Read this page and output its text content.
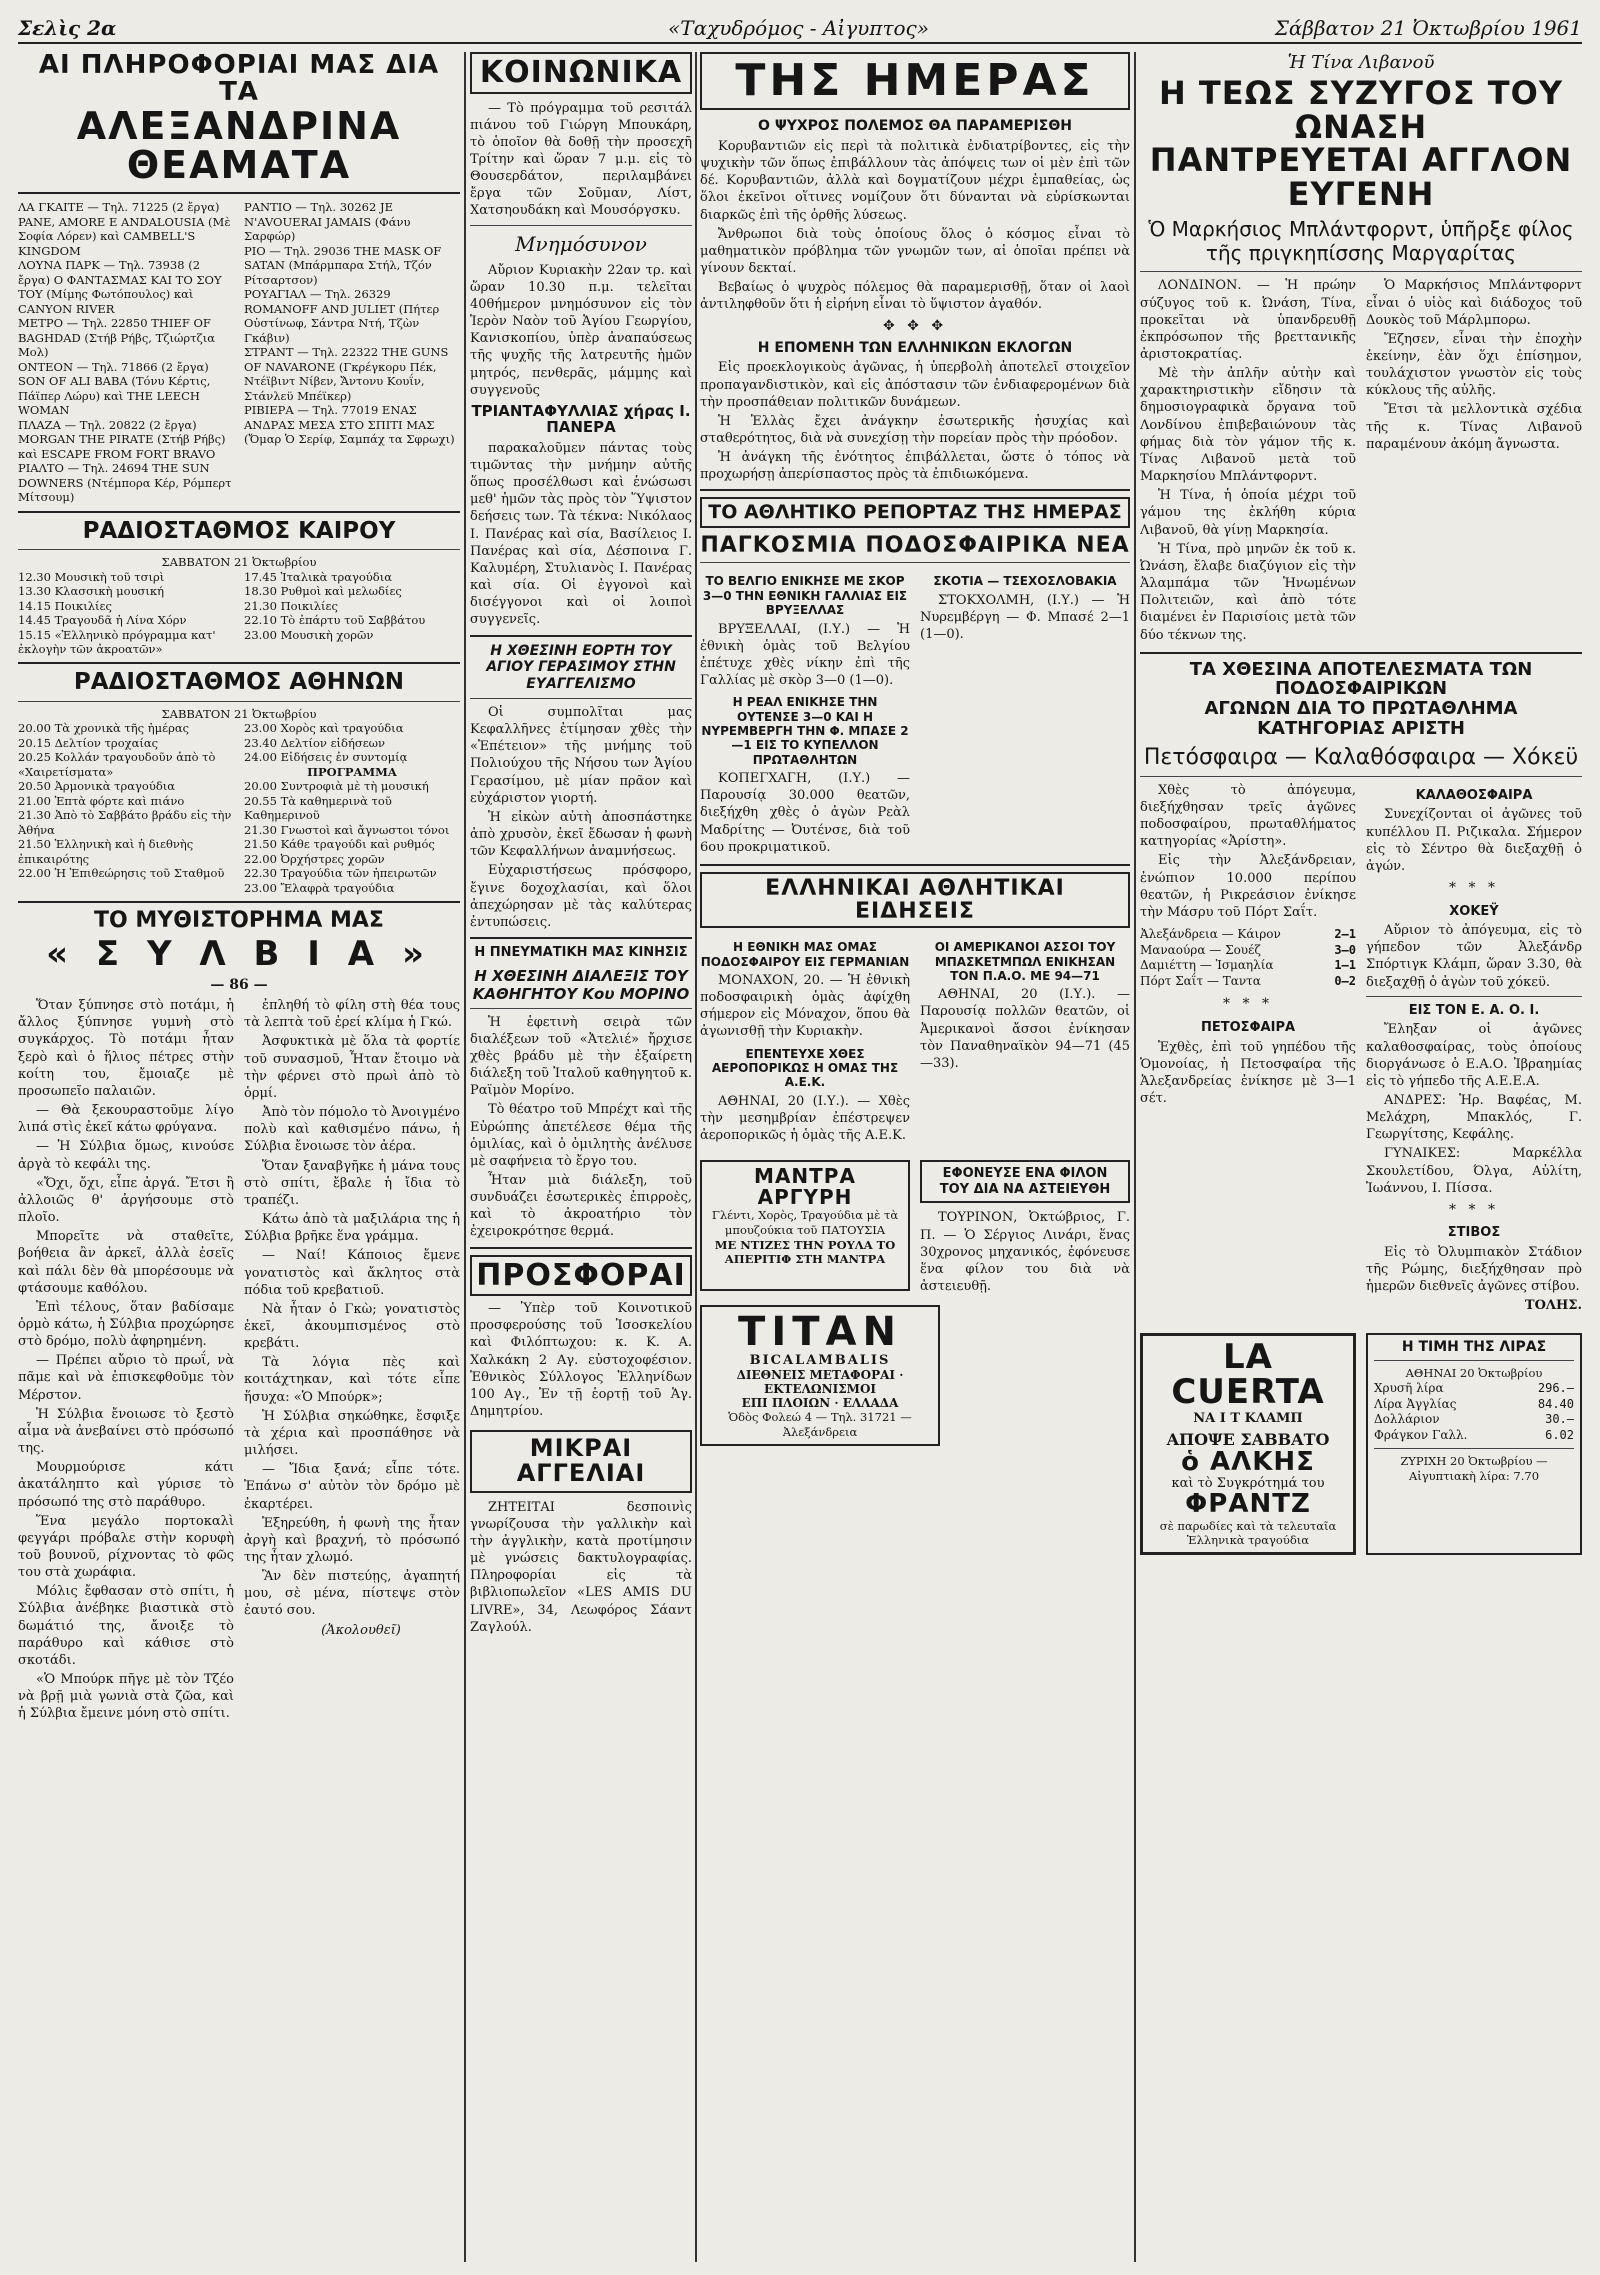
Σελὶς 2α	«Ταχυδρόμος - Αἰγυπτος»	Σάββατον 21 Ὀκτωβρίου 1961
ΑΙ ΠΛΗΡΟΦΟΡΙΑΙ ΜΑΣ ΔΙΑ ΤΑ
ΑΛΕΞΑΝΔΡΙΝΑ ΘΕΑΜΑΤΑ

ΛΑ ΓΚΑΙΤΕ — Τηλ. 71225 (2 ἔργα) PANE, AMORE E ANDALOUSIA (Μὲ Σοφία Λόρεν) καὶ CAMBELL'S KINGDOM

ΛΟΥΝΑ ΠΑΡΚ — Τηλ. 73938 (2 ἔργα) Ο ΦΑΝΤΑΣΜΑΣ ΚΑΙ ΤΟ ΣΟΥ ΤΟΥ (Μίμης Φωτόπουλος) καὶ CANYON RIVER

ΜΕΤΡΟ — Τηλ. 22850 THIEF OF BAGHDAD (Στήβ Ρήβς, Τζιώρτζια Μολ)

ΟΝΤΕΟΝ — Τηλ. 71866 (2 ἔργα) SON OF ALI BABA (Τόνυ Κέρτις, Πάϊπερ Λώρυ) καὶ THE LEECH WOMAN

ΠΛΑΖΑ — Τηλ. 20822 (2 ἔργα) MORGAN THE PIRATE (Στήβ Ρήβς) καὶ ESCAPE FROM FORT BRAVO

ΡΙΑΛΤΟ — Τηλ. 24694 THE SUN DOWNERS (Ντέμπορα Κέρ, Ρόμπερτ Μίτσουμ)

ΡΑΝΤΙΟ — Τηλ. 30262 JE N'AVOUERAI JAMAIS (Φάνυ Σαρφώρ)

ΡΙΟ — Τηλ. 29036 THE MASK OF SATAN (Μπάρμπαρα Στήλ, Τζόν Ρίτσαρτσον)

ΡΟΥΑΓΙΑΛ — Τηλ. 26329 ROMANOFF AND JULIET (Πήτερ Οὐστίνωφ, Σάντρα Ντή, Τζὼν Γκάβιν)

ΣΤΡΑΝΤ — Τηλ. 22322 THE GUNS OF NAVARONE (Γκρέγκορυ Πέκ, Ντέϊβιντ Νίβεν, Ἄντονυ Κουΐν, Στάνλεϋ Μπέϊκερ)

ΡΙΒΙΕΡΑ — Τηλ. 77019 ΕΝΑΣ ΑΝΔΡΑΣ ΜΕΣΑ ΣΤΟ ΣΠΙΤΙ ΜΑΣ (Ὄμαρ Ὁ Σερίφ, Σαμπάχ τα Σφρωχι)

ΡΑΔΙΟΣΤΑΘΜΟΣ ΚΑΙΡΟΥ
ΣΑΒΒΑΤΟΝ 21 Ὀκτωβρίου

12.30 Μουσικὴ τοῦ τσιρὶ

13.30 Κλασσικὴ μουσική

14.15 Ποικιλίες

14.45 Τραγουδᾶ ἡ Λίνα Χόρν

15.15 «Ἑλληνικὸ πρόγραμμα κατ' ἐκλογὴν τῶν ἀκροατῶν»

17.45 Ἰταλικὰ τραγούδια

18.30 Ρυθμοὶ καὶ μελωδίες

21.30 Ποικιλίες

22.10 Τὸ ἐπάρτυ τοῦ Σαββάτου

23.00 Μουσικὴ χορῶν

ΡΑΔΙΟΣΤΑΘΜΟΣ ΑΘΗΝΩΝ
ΣΑΒΒΑΤΟΝ 21 Ὀκτωβρίου

20.00 Τὰ χρονικὰ τῆς ἡμέρας

20.15 Δελτίον τροχαίας

20.25 Κολλάν τραγουδοῦν ἀπὸ τὸ «Χαιρετίσματα»

20.50 Ἀρμονικὰ τραγούδια

21.00 Ἐπτὰ φόρτε καὶ πιάνο

21.30 Ἀπὸ τὸ Σαββάτο βράδυ εἰς τὴν Ἀθήνα

21.50 Ἑλληνικὴ καὶ ἡ διεθνὴς ἐπικαιρότης

22.00 Ἡ Ἐπιθεώρησις τοῦ Σταθμοῦ

23.00 Χορὸς καὶ τραγούδια

23.40 Δελτίον εἰδήσεων

24.00 Εἰδήσεις ἐν συντομίᾳ

ΠΡΟΓΡΑΜΜΑ

20.00 Συντροφιὰ μὲ τὴ μουσική

20.55 Τὰ καθημερινὰ τοῦ Καθημερινοῦ

21.30 Γνωστοὶ καὶ ἄγνωστοι τόνοι

21.50 Κάθε τραγούδι καὶ ρυθμός

22.00 Ὀρχήστρες χορῶν

22.30 Τραγούδια τῶν ἠπειρωτῶν

23.00 Ἔλαφρὰ τραγούδια

ΤΟ ΜΥΘΙΣΤΟΡΗΜΑ ΜΑΣ
« Σ Υ Λ Β Ι Α »
— 86 —

Ὅταν ξύπνησε στὸ ποτάμι, ἡ ἄλλος ξύπνησε γυμνὴ στὸ συγκάρχος. Τὸ ποτάμι ἦταν ξερὸ καὶ ὁ ἥλιος πέτρες στὴν κοίτη του, ἔμοιαζε μὲ προσωπεῖο παλαιῶν.

— Θὰ ξεκουραστοῦμε λίγο λιπά στὶς ἐκεῖ κάτω φρύγανα.

— Ἡ Σύλβια ὅμως, κινούσε ἀργὰ τὸ κεφάλι της.

«Ὄχι, ὄχι, εἶπε ἀργά. Ἔτσι ἢ ἀλλοιῶς θ' ἀργήσουμε στὸ πλοῖο.

Μπορεῖτε νὰ σταθεῖτε, βοήθεια ἂν ἀρκεῖ, ἀλλὰ ἐσεῖς καὶ πάλι δὲν θὰ μπορέσουμε νὰ φτάσουμε καθόλου.

Ἐπὶ τέλους, ὅταν βαδίσαμε ὁρμὸ κάτω, ἡ Σύλβια προχώρησε στὸ δρόμο, πολὺ ἀφηρημένη.

— Πρέπει αὔριο τὸ πρωΐ, νὰ πᾶμε καὶ νὰ ἐπισκεφθοῦμε τὸν Μέρστον.

Ἡ Σύλβια ἔνοιωσε τὸ ξεστὸ αἷμα νὰ ἀνεβαίνει στὸ πρόσωπό της.

Μουρμούρισε κάτι ἀκατάληπτο καὶ γύρισε τὸ πρόσωπό της στὸ παράθυρο.

Ἕνα μεγάλο πορτοκαλὶ φεγγάρι πρόβαλε στὴν κορυφὴ τοῦ βουνοῦ, ρίχνοντας τὸ φῶς του στὰ χωράφια.

Μόλις ἔφθασαν στὸ σπίτι, ἡ Σύλβια ἀνέβηκε βιαστικὰ στὸ δωμάτιό της, ἄνοιξε τὸ παράθυρο καὶ κάθισε στὸ σκοτάδι.

«Ὁ Μπούρκ πῆγε μὲ τὸν Τζέο νὰ βρῇ μιὰ γωνιὰ στὰ ζῶα, καὶ ἡ Σύλβια ἔμεινε μόνη στὸ σπίτι.

ἐπληθή τὸ φίλη στὴ θέα τους τὰ λεπτὰ τοῦ ἐρεί κλίμα ἡ Γκώ.

Ἀσφυκτικὰ μὲ ὅλα τὰ φορτίε τοῦ συνασμοῦ, Ἦταν ἔτοιμο νὰ τὴν φέρνει στὸ πρωὶ ἀπὸ τὸ ὁρμί.

Ἀπὸ τὸν πόμολο τὸ Ἀνοιγμένο πολὺ καὶ καθισμένο πάνω, ἡ Σύλβια ἔνοιωσε τὸν ἀέρα.

Ὅταν ξαναβγῆκε ἡ μάνα τους στὸ σπίτι, ἔβαλε ἡ ἴδια τὸ τραπέζι.

Κάτω ἀπὸ τὰ μαξιλάρια της ἡ Σύλβια βρῆκε ἕνα γράμμα.

— Ναί! Κάποιος ἔμενε γονατιστὸς καὶ ἄκλητος στὰ πόδια τοῦ κρεβατιοῦ.

Νὰ ἦταν ὁ Γκὼ; γονατιστὸς ἐκεῖ, ἀκουμπισμένος στὸ κρεβάτι.

Τὰ λόγια πὲς καὶ κοιτάχτηκαν, καὶ τότε εἶπε ἥσυχα: «Ὁ Μπούρκ»;

Ἡ Σύλβια σηκώθηκε, ἔσφιξε τὰ χέρια καὶ προσπάθησε νὰ μιλήσει.

— Ἴδια ξανά; εἶπε τότε. Ἐπάνω σ' αὐτὸν τὸν δρόμο μὲ ἐκαρτέρει.

Ἐξηρεύθη, ἡ φωνὴ της ἦταν ἀργὴ καὶ βραχνή, τὸ πρόσωπό της ἦταν χλωμό.

Ἂν δὲν πιστεύῃς, ἀγαπητή μου, σὲ μένα, πίστεψε στὸν ἑαυτό σου.

(Ἀκολουθεῖ)

ΚΟΙΝΩΝΙΚΑ

— Τὸ πρόγραμμα τοῦ ρεσιτάλ πιάνου τοῦ Γιώργη Μπουκάρη, τὸ ὁποῖον θὰ δοθῇ τὴν προσεχῆ Τρίτην καὶ ὥραν 7 μ.μ. εἰς τὸ Θουσερδάτον, περιλαμβάνει ἔργα τῶν Σοῦμαν, Λίστ, Χατσηουδάκη καὶ Μουσόργσκυ.

Μνημόσυνον

Αὔριον Κυριακὴν 22αν τρ. καὶ ὥραν 10.30 π.μ. τελεῖται 40θήμερον μνημόσυνον εἰς τὸν Ἱερὸν Ναὸν τοῦ Ἁγίου Γεωργίου, Κανισκοπίου, ὑπὲρ ἀναπαύσεως τῆς ψυχῆς τῆς λατρευτῆς ἡμῶν μητρός, πενθερᾶς, μάμμης καὶ συγγενοῦς

ΤΡΙΑΝΤΑΦΥΛΛΙΑΣ χήρας Ι. ΠΑΝΕΡΑ

παρακαλοῦμεν πάντας τοὺς τιμῶντας τὴν μνήμην αὐτῆς ὅπως προσέλθωσι καὶ ἑνώσωσι μεθ' ἡμῶν τὰς πρὸς τὸν Ὕψιστον δεήσεις των. Τὰ τέκνα: Νικόλαος Ι. Πανέρας καὶ σία, Βασίλειος Ι. Πανέρας καὶ σία, Δέσποινα Γ. Καλυμέρη, Στυλιανὸς Ι. Πανέρας καὶ σία. Οἱ ἐγγονοὶ καὶ δισέγγονοι καὶ οἱ λοιποὶ συγγενεῖς.

Η ΧΘΕΣΙΝΗ ΕΟΡΤΗ ΤΟΥ ΑΓΙΟΥ ΓΕΡΑΣΙΜΟΥ ΣΤΗΝ ΕΥΑΓΓΕΛΙΣΜΟ

Οἱ συμπολῖται μας Κεφαλλῆνες ἐτίμησαν χθὲς τὴν «Ἐπέτειον» τῆς μνήμης τοῦ Πολιούχου τῆς Νήσου των Ἁγίου Γερασίμου, μὲ μίαν πρᾶον καὶ εὐχάριστον γιορτή.

Ἡ εἰκὼν αὐτὴ ἀποσπάστηκε ἀπὸ χρυσὸν, ἐκεῖ ἔδωσαν ἡ φωνὴ τῶν Κεφαλλήνων ἀναμνήσεως.

Εὐχαριστήσεως πρόσφορο, ἔγινε δοχοχλασίαι, καὶ ὅλοι ἀπεχώρησαν μὲ τὰς καλύτερας ἐντυπώσεις.

Η ΠΝΕΥΜΑΤΙΚΗ ΜΑΣ ΚΙΝΗΣΙΣ
Η ΧΘΕΣΙΝΗ ΔΙΑΛΕΞΙΣ ΤΟΥ ΚΑΘΗΓΗΤΟΥ Κου ΜΟΡΙΝΟ

Ἡ ἑφετινὴ σειρὰ τῶν διαλέξεων τοῦ «Ἀτελιέ» ἤρχισε χθὲς βράδυ μὲ τὴν ἐξαίρετη διάλεξη τοῦ Ἰταλοῦ καθηγητοῦ κ. Ραϊμὸν Μορίνο.

Τὸ θέατρο τοῦ Μπρέχτ καὶ τῆς Εὐρώπης ἀπετέλεσε θέμα τῆς ὁμιλίας, καὶ ὁ ὁμιλητὴς ἀνέλυσε μὲ σαφήνεια τὸ ἔργο του.

Ἦταν μιὰ διάλεξη, τοῦ συνδυάζει ἐσωτερικὲς ἐπιρροὲς, καὶ τὸ ἀκροατήριο τὸν ἐχειροκρότησε θερμά.

ΠΡΟΣΦΟΡΑΙ

— Ὑπὲρ τοῦ Κοινοτικοῦ προσφερούσης τοῦ Ἰσοσκελίου καὶ Φιλόπτωχου: κ. Κ. Α. Χαλκάκη 2 Αγ. εὐστοχοφέσιον. Ἐθνικὸς Σύλλογος Ἑλληνίδων 100 Αγ., Ἐν τῇ ἑορτῇ τοῦ Ἁγ. Δημητρίου.

ΜΙΚΡΑΙ ΑΓΓΕΛΙΑΙ

ΖΗΤΕΙΤΑΙ δεσποινὶς γνωρίζουσα τὴν γαλλικὴν καὶ τὴν ἀγγλικὴν, κατὰ προτίμησιν μὲ γνώσεις δακτυλογραφίας. Πληροφορίαι εἰς τὰ βιβλιοπωλεῖον «LES AMIS DU LIVRE», 34, Λεωφόρος Σάαντ Ζαγλούλ.

ΤΗΣ ΗΜΕΡΑΣ
Ο ΨΥΧΡΟΣ ΠΟΛΕΜΟΣ ΘΑ ΠΑΡΑΜΕΡΙΣΘΗ

Κορυβαντιῶν εἰς περὶ τὰ πολιτικὰ ἐνδιατρίβοντες, εἰς τὴν ψυχικὴν τῶν ὅπως ἐπιβάλλουν τὰς ἀπόψεις των οἱ μὲν ἐπὶ τῶν δέ. Κορυβαντιῶν, ἀλλὰ καὶ δογματίζουν μέχρι ἐμπαθείας, ὡς ὅλοι ἐκεῖνοι οἵτινες νομίζουν ὅτι δύνανται νὰ εὑρίσκωνται διαρκῶς ἐπὶ τῆς ὁρθῆς λύσεως.

Ἄνθρωποι διὰ τοὺς ὁποίους ὅλος ὁ κόσμος εἶναι τὸ μαθηματικὸν πρόβλημα τῶν γνωμῶν των, αἱ ὁποῖαι πρέπει νὰ γίνουν δεκταί.

Βεβαίως ὁ ψυχρὸς πόλεμος θὰ παραμερισθῇ, ὅταν οἱ λαοὶ ἀντιληφθοῦν ὅτι ἡ εἰρήνη εἶναι τὸ ὕψιστον ἀγαθόν.

✥ ✥ ✥
Η ΕΠΟΜΕΝΗ ΤΩΝ ΕΛΛΗΝΙΚΩΝ ΕΚΛΟΓΩΝ

Εἰς προεκλογικοὺς ἀγῶνας, ἡ ὑπερβολὴ ἀποτελεῖ στοιχεῖον προπαγανδιστικὸν, καὶ εἰς ἀπόστασιν τῶν ἐνδιαφερομένων διὰ τὴν προσπάθειαν πολιτικῶν δυνάμεων.

Ἡ Ἑλλὰς ἔχει ἀνάγκην ἐσωτερικῆς ἡσυχίας καὶ σταθερότητος, διὰ νὰ συνεχίσῃ τὴν πορείαν πρὸς τὴν πρόοδον.

Ἡ ἀνάγκη τῆς ἐνότητος ἐπιβάλλεται, ὥστε ὁ τόπος νὰ προχωρήσῃ ἀπερίσπαστος πρὸς τὰ ἐπιδιωκόμενα.

ΤΟ ΑΘΛΗΤΙΚΟ ΡΕΠΟΡΤΑΖ ΤΗΣ ΗΜΕΡΑΣ
ΠΑΓΚΟΣΜΙΑ ΠΟΔΟΣΦΑΙΡΙΚΑ ΝΕΑ
ΤΟ ΒΕΛΓΙΟ ΕΝΙΚΗΣΕ ΜΕ ΣΚΟΡ 3—0 ΤΗΝ ΕΘΝΙΚΗ ΓΑΛΛΙΑΣ ΕΙΣ ΒΡΥΞΕΛΛΑΣ

ΒΡΥΞΕΛΛΑΙ, (Ι.Υ.) — Ἡ ἐθνικὴ ὁμὰς τοῦ Βελγίου ἐπέτυχε χθὲς νίκην ἐπὶ τῆς Γαλλίας μὲ σκὸρ 3—0 (1—0).

Η ΡΕΑΛ ΕΝΙΚΗΣΕ ΤΗΝ ΟΥΤΕΝΣΕ 3—0 ΚΑΙ Η ΝΥΡΕΜΒΕΡΓΗ ΤΗΝ Φ. ΜΠΑΣΕ 2—1 ΕΙΣ ΤΟ ΚΥΠΕΛΛΟΝ ΠΡΩΤΑΘΛΗΤΩΝ

ΚΟΠΕΓΧΑΓΗ, (Ι.Υ.) — Παρουσίᾳ 30.000 θεατῶν, διεξήχθη χθὲς ὁ ἀγὼν Ρεὰλ Μαδρίτης — Ὀυτένσε, διὰ τοῦ 6ου προκριματικοῦ.

ΣΚΟΤΙΑ — ΤΣΕΧΟΣΛΟΒΑΚΙΑ

ΣΤΟΚΧΟΛΜΗ, (Ι.Υ.) — Ἡ Νυρεμβέργη — Φ. Μπασέ 2—1 (1—0).

ΕΛΛΗΝΙΚΑΙ ΑΘΛΗΤΙΚΑΙ ΕΙΔΗΣΕΙΣ
Η ΕΘΝΙΚΗ ΜΑΣ ΟΜΑΣ ΠΟΔΟΣΦΑΙΡΟΥ ΕΙΣ ΓΕΡΜΑΝΙΑΝ

ΜΟΝΑΧΟΝ, 20. — Ἡ ἐθνικὴ ποδοσφαιρικὴ ὁμὰς ἀφίχθη σήμερον εἰς Μόναχον, ὅπου θὰ ἀγωνισθῇ τὴν Κυριακὴν.

ΕΠΕΝΤΕΥΧΕ ΧΘΕΣ ΑΕΡΟΠΟΡΙΚΩΣ Η ΟΜΑΣ ΤΗΣ Α.Ε.Κ.

ΑΘΗΝΑΙ, 20 (Ι.Υ.). — Χθὲς τὴν μεσημβρίαν ἐπέστρεψεν ἀεροπορικῶς ἡ ὁμὰς τῆς Α.Ε.Κ.

ΟΙ ΑΜΕΡΙΚΑΝΟΙ ΑΣΣΟΙ ΤΟΥ ΜΠΑΣΚΕΤΜΠΩΛ ΕΝΙΚΗΣΑΝ ΤΟΝ Π.Α.Ο. ΜΕ 94—71

ΑΘΗΝΑΙ, 20 (Ι.Υ.). — Παρουσίᾳ πολλῶν θεατῶν, οἱ Ἀμερικανοὶ ἄσσοι ἐνίκησαν τὸν Παναθηναϊκὸν 94—71 (45—33).

ΜΑΝΤΡΑ ΑΡΓΥΡΗ
Γλέντι, Χορὸς, Τραγούδια μὲ τὰ μπουζούκια τοῦ ΠΑΤΟΥΣΙΑ
ΜΕ ΝΤΙΖΕΣ ΤΗΝ ΡΟΥΛΑ ΤΟ ΑΠΕΡΙΤΙΦ ΣΤΗ ΜΑΝΤΡΑ
ΕΦΟΝΕΥΣΕ ΕΝΑ ΦΙΛΟΝ ΤΟΥ ΔΙΑ ΝΑ ΑΣΤΕΙΕΥΘΗ

ΤΟΥΡΙΝΟΝ, Ὀκτώβριος, Γ. Π. — Ὁ Σέργιος Λινάρι, ἕνας 30χρονος μηχανικός, ἐφόνευσε ἕνα φίλον του διὰ νὰ ἀστειευθῇ.

ΤΙΤΑΝ
BICALAMBALIS
ΔΙΕΘΝΕΙΣ ΜΕΤΑΦΟΡΑΙ · ΕΚΤΕΛΩΝΙΣΜΟΙ
ΕΠΙ ΠΛΟΙΩΝ · ΕΛΛΑΔΑ
Ὁδὸς Φολεώ 4 — Τηλ. 31721 — Ἀλεξάνδρεια
Ἡ Τίνα Λιβανοῦ
Η ΤΕΩΣ ΣΥΖΥΓΟΣ ΤΟΥ ΩΝΑΣΗ
ΠΑΝΤΡΕΥΕΤΑΙ ΑΓΓΛΟΝ ΕΥΓΕΝΗ
Ὁ Μαρκήσιος Μπλάντφορντ, ὑπῆρξε φίλος τῆς πριγκηπίσσης Μαργαρίτας

ΛΟΝΔΙΝΟΝ. — Ἡ πρώην σύζυγος τοῦ κ. Ὠνάση, Τίνα, προκεῖται νὰ ὑπανδρευθῇ ἐκπρόσωπον τῆς βρεττανικῆς ἀριστοκρατίας.

Μὲ τὴν ἀπλῆν αὐτὴν καὶ χαρακτηριστικὴν εἴδησιν τὰ δημοσιογραφικὰ ὄργανα τοῦ Λονδίνου ἐπιβεβαιώνουν τὰς φήμας διὰ τὸν γάμον τῆς κ. Τίνας Λιβανοῦ μετὰ τοῦ Μαρκησίου Μπλάντφορντ.

Ἡ Τίνα, ἡ ὁποία μέχρι τοῦ γάμου της ἐκλήθη κύρια Λιβανοῦ, θὰ γίνῃ Μαρκησία.

Ἡ Τίνα, πρὸ μηνῶν ἐκ τοῦ κ. Ὠνάση, ἔλαβε διαζύγιον εἰς τὴν Ἀλαμπάμα τῶν Ἡνωμένων Πολιτειῶν, καὶ ἀπὸ τότε διαμένει ἐν Παρισίοις μετὰ τῶν δύο τέκνων της.

Ὁ Μαρκήσιος Μπλάντφορντ εἶναι ὁ υἱὸς καὶ διάδοχος τοῦ Δουκὸς τοῦ Μάρλμπορω.

Ἔζησεν, εἶναι τὴν ἐποχὴν ἐκείνην, ἐὰν ὅχι ἐπίσημον, τουλάχιστον γνωστὸν εἰς τοὺς κύκλους τῆς αὐλῆς.

Ἔτσι τὰ μελλοντικὰ σχέδια τῆς κ. Τίνας Λιβανοῦ παραμένουν ἀκόμη ἄγνωστα.

ΤΑ ΧΘΕΣΙΝΑ ΑΠΟΤΕΛΕΣΜΑΤΑ ΤΩΝ ΠΟΔΟΣΦΑΙΡΙΚΩΝ
ΑΓΩΝΩΝ ΔΙΑ ΤΟ ΠΡΩΤΑΘΛΗΜΑ ΚΑΤΗΓΟΡΙΑΣ ΑΡΙΣΤΗ
Πετόσφαιρα — Καλαθόσφαιρα — Χόκεϋ

Χθὲς τὸ ἀπόγευμα, διεξήχθησαν τρεῖς ἀγῶνες ποδοσφαίρου, πρωταθλήματος κατηγορίας «Ἀρίστη».

Εἰς τὴν Ἀλεξάνδρειαν, ἐνώπιον 10.000 περίπου θεατῶν, ἡ Ρικρεάσιον ἐνίκησε τὴν Μάσρυ τοῦ Πόρτ Σαΐτ.

Ἀλεξάνδρεια — Κάιρον	2—1
Μαναούρα — Σουέζ	3—0
Δαμιέττη — Ἰσμαηλία	1—1
Πόρτ Σαΐτ — Ταντα	0—2
* * *
ΠΕΤΟΣΦΑΙΡΑ

Ἐχθὲς, ἐπὶ τοῦ γηπέδου τῆς Ὁμονοίας, ἡ Πετοσφαίρα τῆς Ἀλεξανδρείας ἐνίκησε μὲ 3—1 σέτ.

ΚΑΛΑΘΟΣΦΑΙΡΑ

Συνεχίζονται οἱ ἀγῶνες τοῦ κυπέλλου Π. Ριζικαλα. Σήμερον εἰς τὸ Σέντρο θὰ διεξαχθῇ ὁ ἀγών.

* * *
ΧΟΚΕΫ

Αὔριον τὸ ἀπόγευμα, εἰς τὸ γήπεδον τῶν Ἀλεξάνδρ Σπόρτιγκ Κλάμπ, ὥραν 3.30, θὰ διεξαχθῇ ὁ ἀγὼν τοῦ χόκεϋ.

ΕΙΣ ΤΟΝ Ε. Α. Ο. Ι.

Ἔληξαν οἱ ἀγῶνες καλαθοσφαίρας, τοὺς ὁποίους διοργάνωσε ὁ Ε.Α.Ο. Ἰβραημίας εἰς τὸ γήπεδο τῆς Α.Ε.Ε.Α.

ΑΝΔΡΕΣ: Ἡρ. Βαφέας, Μ. Μελάχρη, Μπακλός, Γ. Γεωργίτσης, Κεφάλης.

ΓΥΝΑΙΚΕΣ: Μαρκέλλα Σκουλετίδου, Όλγα, Αὐλίτη, Ἰωάννου, Ι. Πίσσα.

* * *
ΣΤΙΒΟΣ

Εἰς τὸ Ὀλυμπιακὸν Στάδιον τῆς Ρώμης, διεξήχθησαν πρὸ ἡμερῶν διεθνεῖς ἀγῶνες στίβου.

ΤΟΛΗΣ.

LA CUERTA
ΝΑ Ι Τ ΚΛΑΜΠ
ΑΠΟΨΕ ΣΑΒΒΑΤΟ
ὁ ΑΛΚΗΣ
καὶ τὸ Συγκρότημά του
ΦΡΑΝΤΖ
σὲ παρωδίες καὶ τὰ τελευταῖα Ἑλληνικὰ τραγούδια
Η ΤΙΜΗ ΤΗΣ ΛΙΡΑΣ
ΑΘΗΝΑΙ 20 Ὀκτωβρίου
Χρυσῆ λίρα	296.—
Λίρα Ἀγγλίας	84.40
Δολλάριον	30.—
Φράγκον Γαλλ.	6.02
ΖΥΡΙΧΗ 20 Ὀκτωβρίου — Αἰγυπτιακὴ λίρα: 7.70
